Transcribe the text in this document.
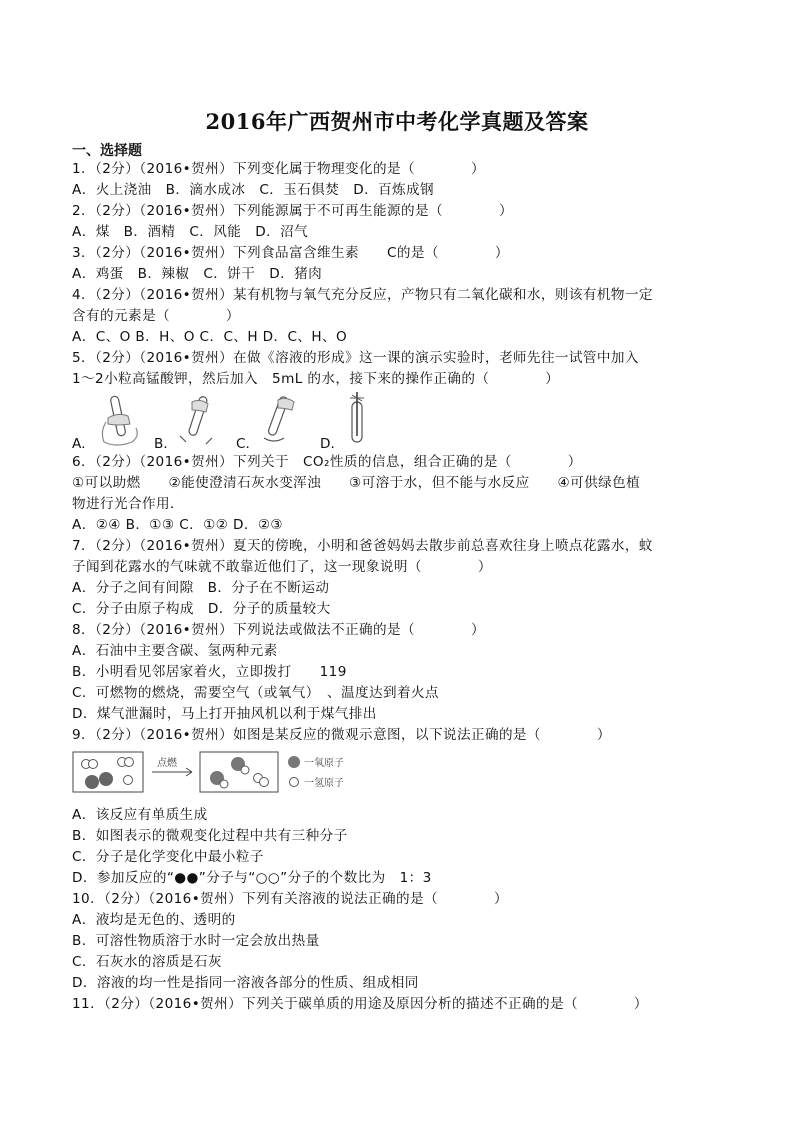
2016年广西贺州市中考化学真题及答案
一、选择题
1．（2分）（2016•贺州）下列变化属于物理变化的是（　　　　）
A．火上浇油　B．滴水成冰　C．玉石俱焚　D．百炼成钢
2．（2分）（2016•贺州）下列能源属于不可再生能源的是（　　　　）
A．煤　B．酒精　C．风能　D．沼气
3．（2分）（2016•贺州）下列食品富含维生素　　C的是（　　　　）
A．鸡蛋　B．辣椒　C．饼干　D．猪肉
4．（2分）（2016•贺州）某有机物与氧气充分反应，产物只有二氧化碳和水，则该有机物一定
含有的元素是（　　　　）
A．C、O B．H、O C．C、H D．C、H、O
5．（2分）（2016•贺州）在做《溶液的形成》这一课的演示实验时，老师先往一试管中加入
1～2小粒高锰酸钾，然后加入　5mL 的水，接下来的操作正确的（　　　　）
A．	B．	C．	D．
6．（2分）（2016•贺州）下列关于　CO₂性质的信息，组合正确的是（　　　　）
①可以助燃　　②能使澄清石灰水变浑浊　　③可溶于水，但不能与水反应　　④可供绿色植
物进行光合作用．
A．②④ B．①③ C．①② D．②③
7．（2分）（2016•贺州）夏天的傍晚，小明和爸爸妈妈去散步前总喜欢往身上喷点花露水，蚊
子闻到花露水的气味就不敢靠近他们了，这一现象说明（　　　　）
A．分子之间有间隙　B．分子在不断运动
C．分子由原子构成　D．分子的质量较大
8．（2分）（2016•贺州）下列说法或做法不正确的是（　　　　）
A．石油中主要含碳、氢两种元素
B．小明看见邻居家着火，立即拨打　　119
C．可燃物的燃烧，需要空气（或氧气）　、温度达到着火点
D．煤气泄漏时，马上打开抽风机以利于煤气排出
9．（2分）（2016•贺州）如图是某反应的微观示意图，以下说法正确的是（　　　　）
点燃	一氧原子
一氢原子
A．该反应有单质生成
B．如图表示的微观变化过程中共有三种分子
C．分子是化学变化中最小粒子
D．参加反应的“●●”分子与“○○”分子的个数比为　1：3
10．（2分）（2016•贺州）下列有关溶液的说法正确的是（　　　　）
A．液均是无色的、透明的
B．可溶性物质溶于水时一定会放出热量
C．石灰水的溶质是石灰
D．溶液的均一性是指同一溶液各部分的性质、组成相同
11．（2分）（2016•贺州）下列关于碳单质的用途及原因分析的描述不正确的是（　　　　）
